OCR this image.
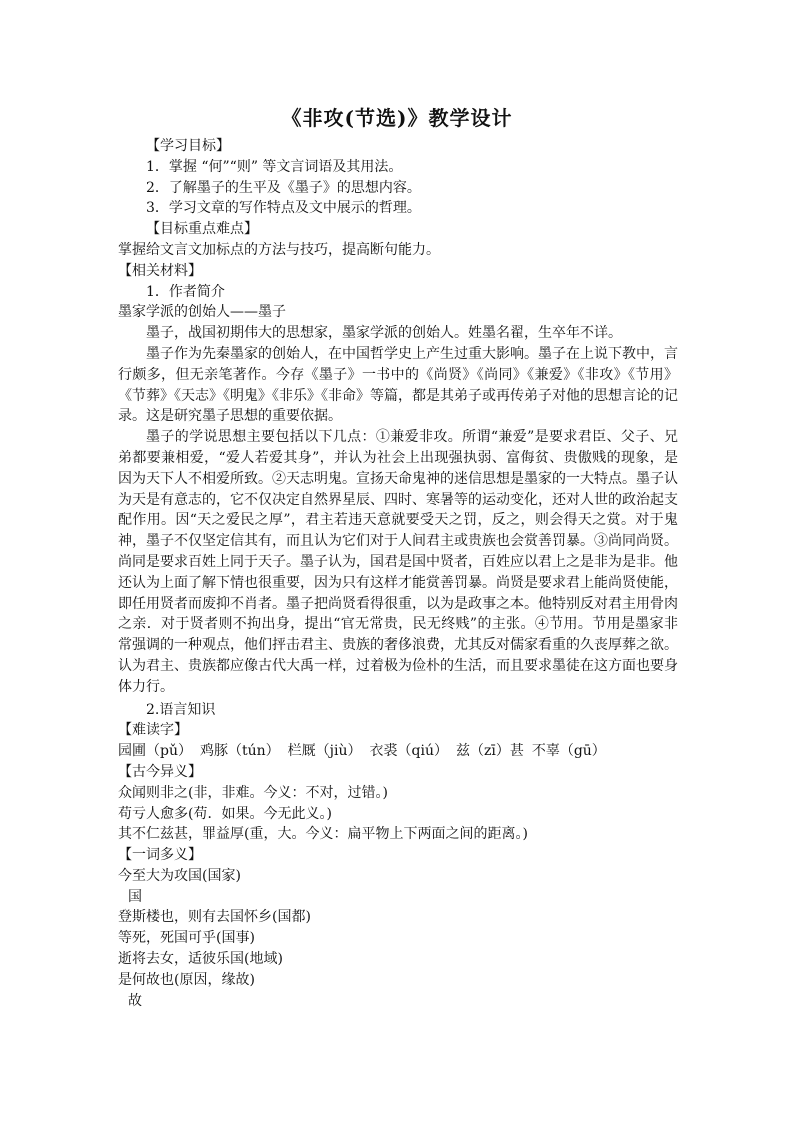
《非攻(节选)》教学设计

【学习目标】

1．掌握 “何”“则” 等文言词语及其用法。

2．了解墨子的生平及《墨子》的思想内容。

3．学习文章的写作特点及文中展示的哲理。

【目标重点难点】

掌握给文言文加标点的方法与技巧，提高断句能力。

【相关材料】

1．作者简介

墨家学派的创始人——墨子

墨子，战国初期伟大的思想家，墨家学派的创始人。姓墨名翟，生卒年不详。

墨子作为先秦墨家的创始人，在中国哲学史上产生过重大影响。墨子在上说下教中，言行颇多，但无亲笔著作。今存《墨子》一书中的《尚贤》《尚同》《兼爱》《非攻》《节用》《节葬》《天志》《明鬼》《非乐》《非命》等篇，都是其弟子或再传弟子对他的思想言论的记录。这是研究墨子思想的重要依据。

墨子的学说思想主要包括以下几点：①兼爱非攻。所谓“兼爱”是要求君臣、父子、兄弟都要兼相爱，“爱人若爱其身”，并认为社会上出现强执弱、富侮贫、贵傲贱的现象，是因为天下人不相爱所致。②天志明鬼。宣扬天命鬼神的迷信思想是墨家的一大特点。墨子认为天是有意志的，它不仅决定自然界星辰、四时、寒暑等的运动变化，还对人世的政治起支配作用。因“天之爱民之厚”，君主若违天意就要受天之罚，反之，则会得天之赏。对于鬼神，墨子不仅坚定信其有，而且认为它们对于人间君主或贵族也会赏善罚暴。③尚同尚贤。尚同是要求百姓上同于天子。墨子认为，国君是国中贤者，百姓应以君上之是非为是非。他还认为上面了解下情也很重要，因为只有这样才能赏善罚暴。尚贤是要求君上能尚贤使能，即任用贤者而废抑不肖者。墨子把尚贤看得很重，以为是政事之本。他特别反对君主用骨肉之亲．对于贤者则不拘出身，提出“官无常贵，民无终贱”的主张。④节用。节用是墨家非常强调的一种观点，他们抨击君主、贵族的奢侈浪费，尤其反对儒家看重的久丧厚葬之欲。认为君主、贵族都应像古代大禹一样，过着极为俭朴的生活，而且要求墨徒在这方面也要身体力行。

2.语言知识

【难读字】

园圃（pǔ） 鸡豚（tún） 栏厩（jiù） 衣裘（qiú） 兹（zī）甚 不辜（gū）

【古今异义】

众闻则非之(非，非难。今义：不对，过错。)

苟亏人愈多(苟．如果。今无此义。)

其不仁兹甚，罪益厚(重，大。今义：扁平物上下两面之间的距离。)

【一词多义】

今至大为攻国(国家)

国

登斯楼也，则有去国怀乡(国都)

等死，死国可乎(国事)

逝将去女，适彼乐国(地域)

是何故也(原因，缘故)

故
